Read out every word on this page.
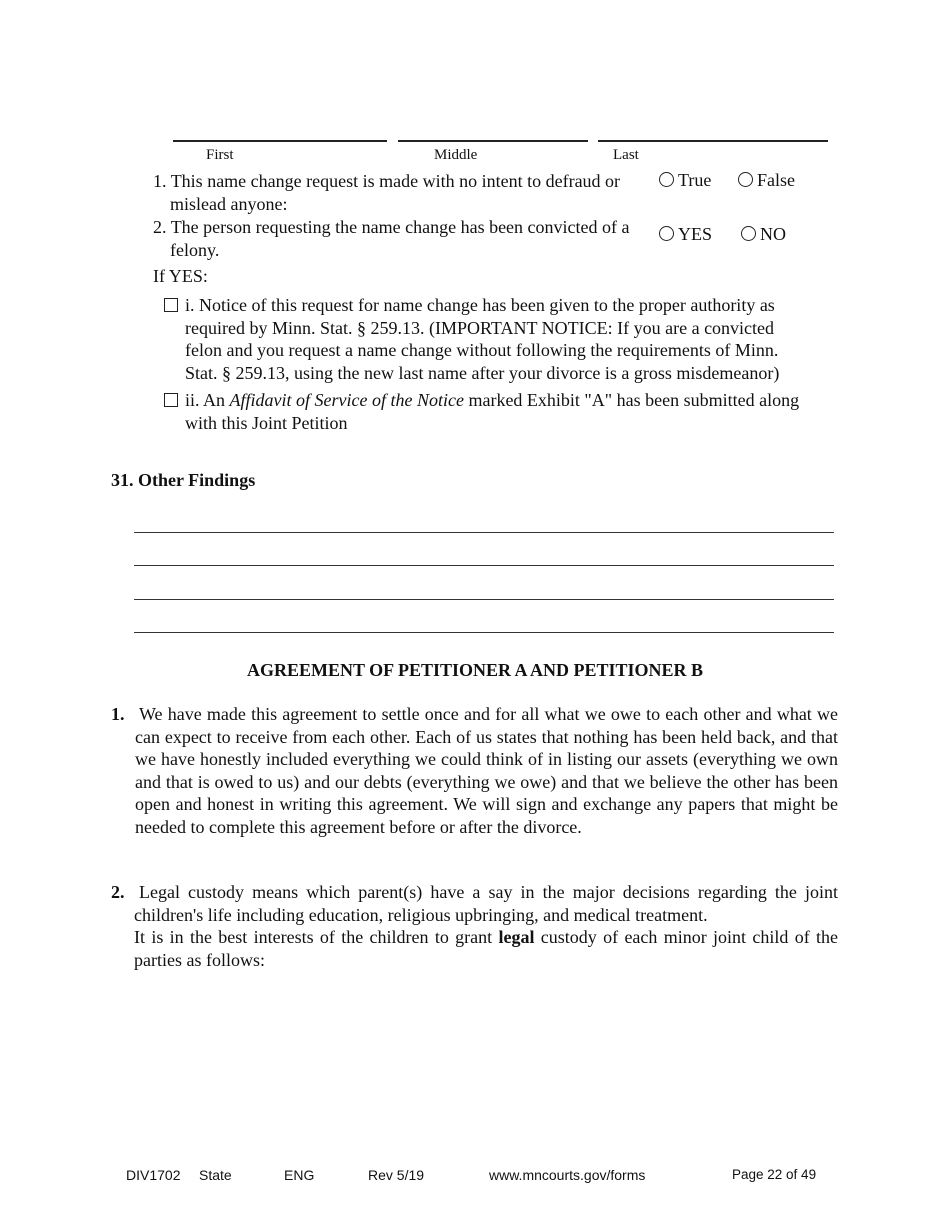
First	Middle	Last
1. This name change request is made with no intent to defraud or mislead anyone:
True	False
2. The person requesting the name change has been convicted of a felony.
YES	NO
If YES:
i. Notice of this request for name change has been given to the proper authority as required by Minn. Stat. § 259.13. (IMPORTANT NOTICE: If you are a convicted felon and you request a name change without following the requirements of Minn. Stat. § 259.13, using the new last name after your divorce is a gross misdemeanor)
ii. An Affidavit of Service of the Notice marked Exhibit "A" has been submitted along with this Joint Petition
31. Other Findings
AGREEMENT OF PETITIONER A AND PETITIONER B
1. We have made this agreement to settle once and for all what we owe to each other and what we can expect to receive from each other. Each of us states that nothing has been held back, and that we have honestly included everything we could think of in listing our assets (everything we own and that is owed to us) and our debts (everything we owe) and that we believe the other has been open and honest in writing this agreement. We will sign and exchange any papers that might be needed to complete this agreement before or after the divorce.
2. Legal custody means which parent(s) have a say in the major decisions regarding the joint children's life including education, religious upbringing, and medical treatment.
It is in the best interests of the children to grant legal custody of each minor joint child of the parties as follows:
DIV1702 State	ENG	Rev 5/19	www.mncourts.gov/forms	Page 22 of 49
